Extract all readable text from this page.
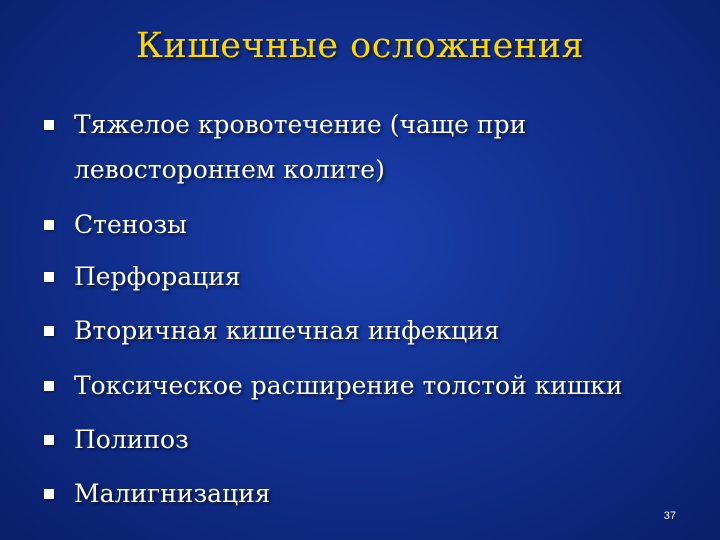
Кишечные осложнения
Тяжелое кровотечение (чаще при
левостороннем колите)
Стенозы
Перфорация
Вторичная кишечная инфекция
Токсическое расширение толстой кишки
Полипоз
Малигнизация
37
